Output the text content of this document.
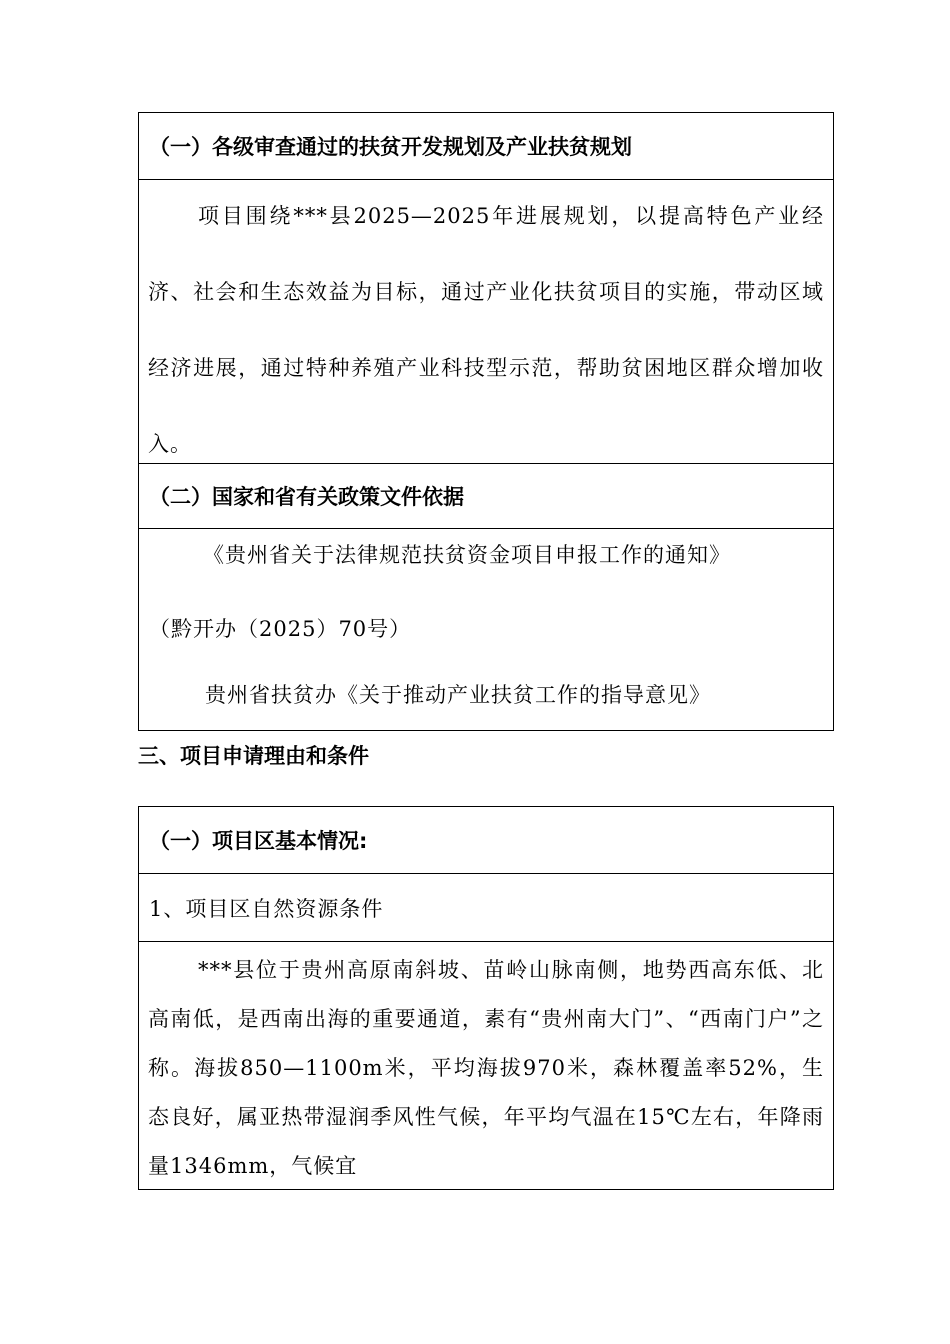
（一）各级审查通过的扶贫开发规划及产业扶贫规划
项目围绕***县2025—2025年进展规划，以提高特色产业经济、社会和生态效益为目标，通过产业化扶贫项目的实施，带动区域经济进展，通过特种养殖产业科技型示范，帮助贫困地区群众增加收入。
（二）国家和省有关政策文件依据
《贵州省关于法律规范扶贫资金项目申报工作的通知》
（黔开办（2025）70号）
贵州省扶贫办《关于推动产业扶贫工作的指导意见》
三、项目申请理由和条件
（一）项目区基本情况:
1、项目区自然资源条件
***县位于贵州高原南斜坡、苗岭山脉南侧，地势西高东低、北高南低，是西南出海的重要通道，素有“贵州南大门”、“西南门户”之称。海拔850—1100m米，平均海拔970米，森林覆盖率52%，生态良好，属亚热带湿润季风性气候，年平均气温在15℃左右，年降雨量1346mm，气候宜
